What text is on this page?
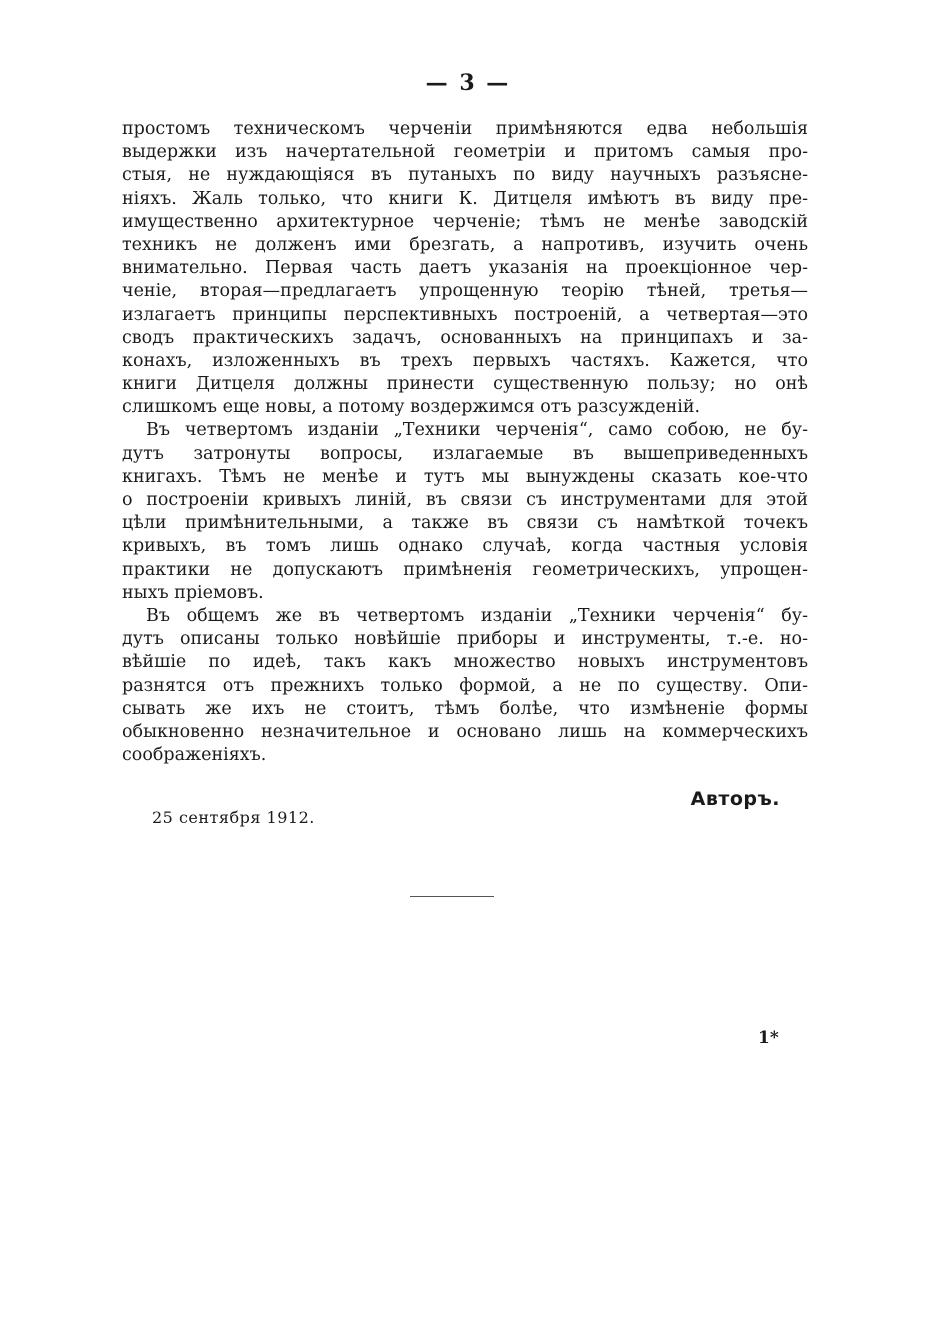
— 3 —
простомъ техническомъ черченіи примѣняются едва небольшія
выдержки изъ начертательной геометріи и притомъ самыя про-
стыя, не нуждающіяся въ путаныхъ по виду научныхъ разъясне-
ніяхъ. Жаль только, что книги К. Дитцеля имѣютъ въ виду пре-
имущественно архитектурное черченіе; тѣмъ не менѣе заводскій
техникъ не долженъ ими брезгать, а напротивъ, изучить очень
внимательно. Первая часть даетъ указанія на проекціонное чер-
ченіе, вторая—предлагаетъ упрощенную теорію тѣней, третья—
излагаетъ принципы перспективныхъ построеній, а четвертая—это
сводъ практическихъ задачъ, основанныхъ на принципахъ и за-
конахъ, изложенныхъ въ трехъ первыхъ частяхъ. Кажется, что
книги Дитцеля должны принести существенную пользу; но онѣ
слишкомъ еще новы, а потому воздержимся отъ разсужденій.
Въ четвертомъ изданіи „Техники черченія“, само собою, не бу-
дутъ затронуты вопросы, излагаемые въ вышеприведенныхъ
книгахъ. Тѣмъ не менѣе и тутъ мы вынуждены сказать кое-что
о построеніи кривыхъ линій, въ связи съ инструментами для этой
цѣли примѣнительными, а также въ связи съ намѣткой точекъ
кривыхъ, въ томъ лишь однако случаѣ, когда частныя условія
практики не допускаютъ примѣненія геометрическихъ, упрощен-
ныхъ пріемовъ.
Въ общемъ же въ четвертомъ изданіи „Техники черченія“ бу-
дутъ описаны только новѣйшіе приборы и инструменты, т.-е. но-
вѣйшіе по идеѣ, такъ какъ множество новыхъ инструментовъ
разнятся отъ прежнихъ только формой, а не по существу. Опи-
сывать же ихъ не стоитъ, тѣмъ болѣе, что измѣненіе формы
обыкновенно незначительное и основано лишь на коммерческихъ
соображеніяхъ.
Авторъ.
25 сентября 1912.
1*
